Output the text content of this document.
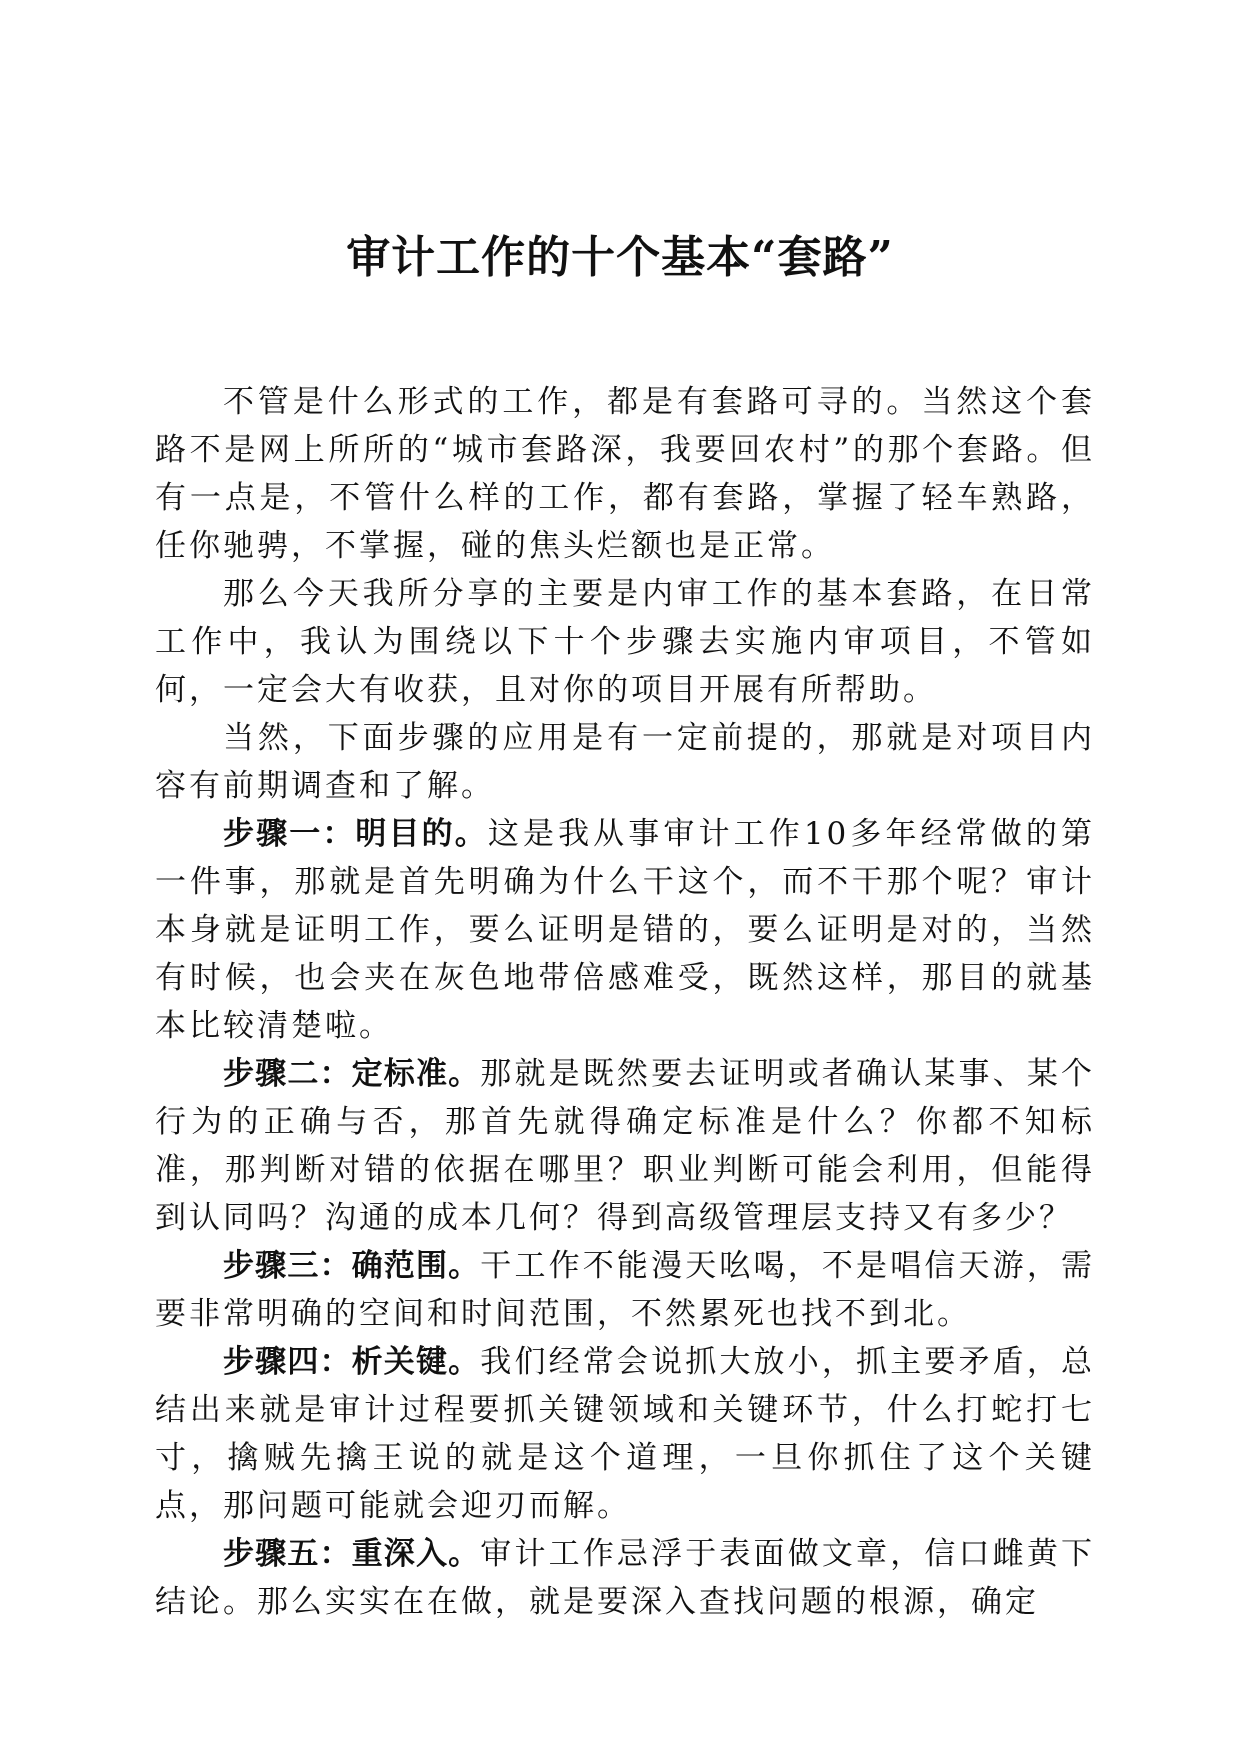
审计工作的十个基本“套路”

不管是什么形式的工作，都是有套路可寻的。当然这个套路不是网上所所的“城市套路深，我要回农村”的那个套路。但有一点是，不管什么样的工作，都有套路，掌握了轻车熟路，任你驰骋，不掌握，碰的焦头烂额也是正常。

那么今天我所分享的主要是内审工作的基本套路，在日常工作中，我认为围绕以下十个步骤去实施内审项目，不管如何，一定会大有收获，且对你的项目开展有所帮助。

当然，下面步骤的应用是有一定前提的，那就是对项目内容有前期调查和了解。

步骤一：明目的。这是我从事审计工作10多年经常做的第一件事，那就是首先明确为什么干这个，而不干那个呢？审计本身就是证明工作，要么证明是错的，要么证明是对的，当然有时候，也会夹在灰色地带倍感难受，既然这样，那目的就基本比较清楚啦。

步骤二：定标准。那就是既然要去证明或者确认某事、某个行为的正确与否，那首先就得确定标准是什么？你都不知标准，那判断对错的依据在哪里？职业判断可能会利用，但能得到认同吗？沟通的成本几何？得到高级管理层支持又有多少？

步骤三：确范围。干工作不能漫天吆喝，不是唱信天游，需要非常明确的空间和时间范围，不然累死也找不到北。

步骤四：析关键。我们经常会说抓大放小，抓主要矛盾，总结出来就是审计过程要抓关键领域和关键环节，什么打蛇打七寸，擒贼先擒王说的就是这个道理，一旦你抓住了这个关键点，那问题可能就会迎刃而解。

步骤五：重深入。审计工作忌浮于表面做文章，信口雌黄下结论。那么实实在在做，就是要深入查找问题的根源，确定
